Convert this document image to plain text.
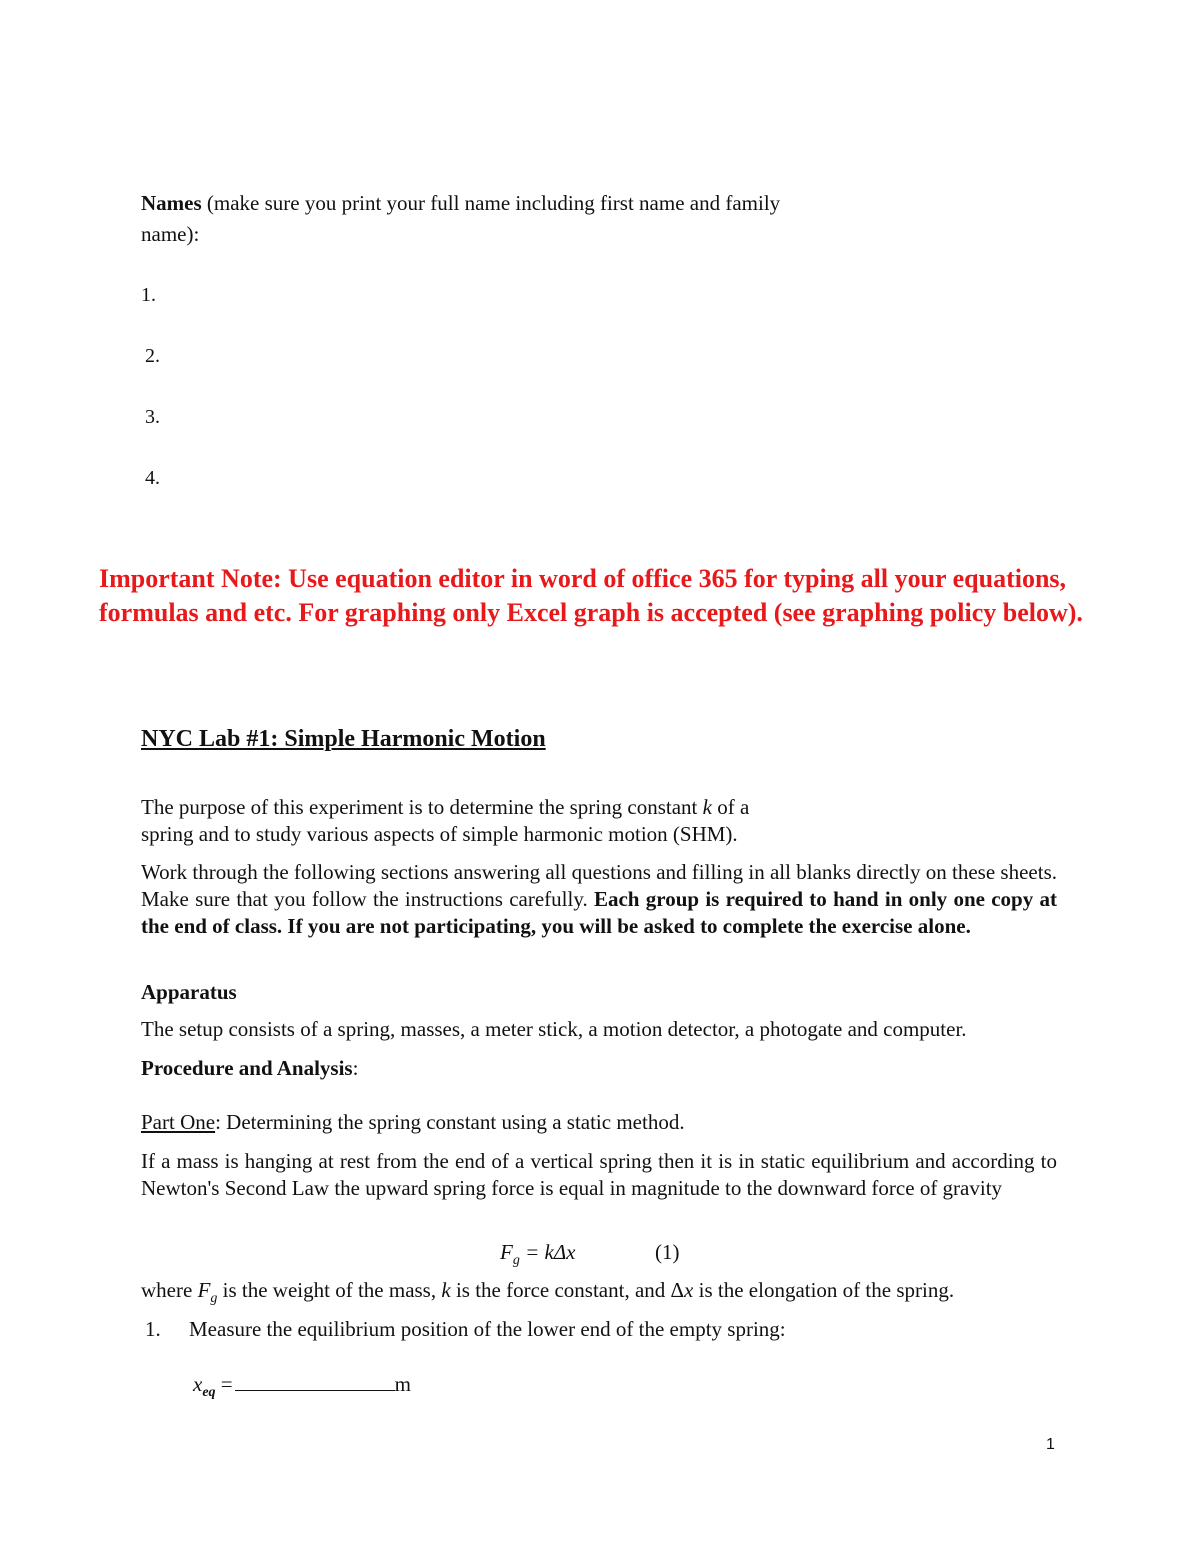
Names (make sure you print your full name including first name and family
name):
1.
2.
3.
4.
Important Note: Use equation editor in word of office 365 for typing all your equations, formulas and etc. For graphing only Excel graph is accepted (see graphing policy below).
NYC Lab #1: Simple Harmonic Motion
The purpose of this experiment is to determine the spring constant k of a
spring and to study various aspects of simple harmonic motion (SHM).
Work through the following sections answering all questions and filling in all blanks directly on these sheets. Make sure that you follow the instructions carefully. Each group is required to hand in only one copy at the end of class. If you are not participating, you will be asked to complete the exercise alone.
Apparatus
The setup consists of a spring, masses, a meter stick, a motion detector, a photogate and computer.
Procedure and Analysis:
Part One: Determining the spring constant using a static method.
If a mass is hanging at rest from the end of a vertical spring then it is in static equilibrium and according to Newton's Second Law the upward spring force is equal in magnitude to the downward force of gravity
$F_g = k\Delta x$	(1)
where $F_g$ is the weight of the mass, k is the force constant, and Δx is the elongation of the spring.
1. Measure the equilibrium position of the lower end of the empty spring:
$x_{eq}$ =	m
1
